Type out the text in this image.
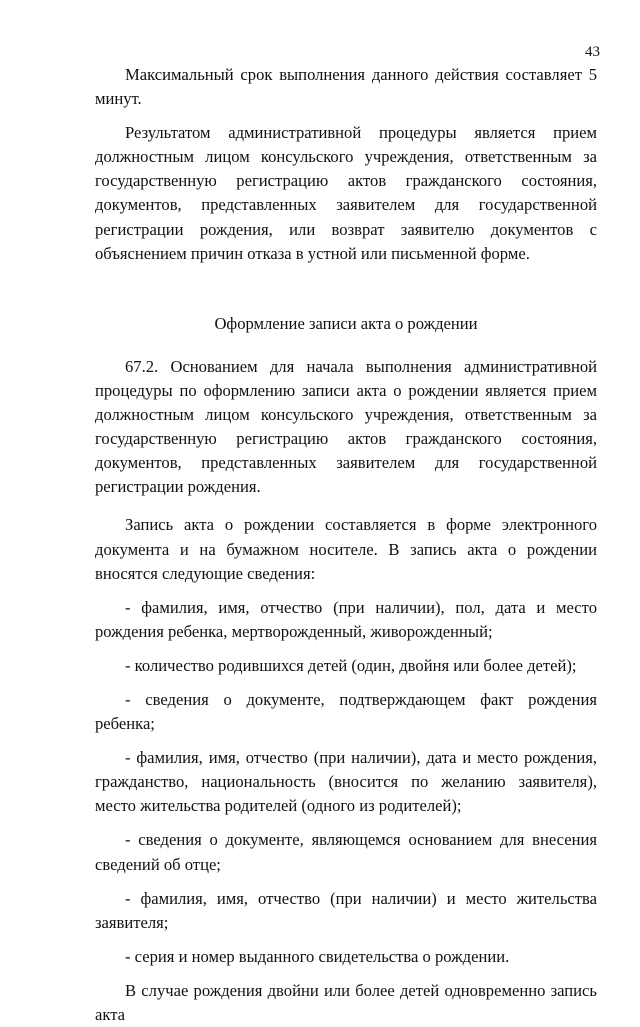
43

Максимальный срок выполнения данного действия составляет 5 минут.

Результатом административной процедуры является прием должностным лицом консульского учреждения, ответственным за государственную регистрацию актов гражданского состояния, документов, представленных заявителем для государственной регистрации рождения, или возврат заявителю документов с объяснением причин отказа в устной или письменной форме.

Оформление записи акта о рождении

67.2. Основанием для начала выполнения административной процедуры по оформлению записи акта о рождении является прием должностным лицом консульского учреждения, ответственным за государственную регистрацию актов гражданского состояния, документов, представленных заявителем для государственной регистрации рождения.

Запись акта о рождении составляется в форме электронного документа и на бумажном носителе. В запись акта о рождении вносятся следующие сведения:

- фамилия, имя, отчество (при наличии), пол, дата и место рождения ребенка, мертворожденный, живорожденный;

- количество родившихся детей (один, двойня или более детей);

- сведения о документе, подтверждающем факт рождения ребенка;

- фамилия, имя, отчество (при наличии), дата и место рождения, гражданство, национальность (вносится по желанию заявителя), место жительства родителей (одного из родителей);

- сведения о документе, являющемся основанием для внесения сведений об отце;

- фамилия, имя, отчество (при наличии) и место жительства заявителя;

- серия и номер выданного свидетельства о рождении.

В случае рождения двойни или более детей одновременно запись акта
